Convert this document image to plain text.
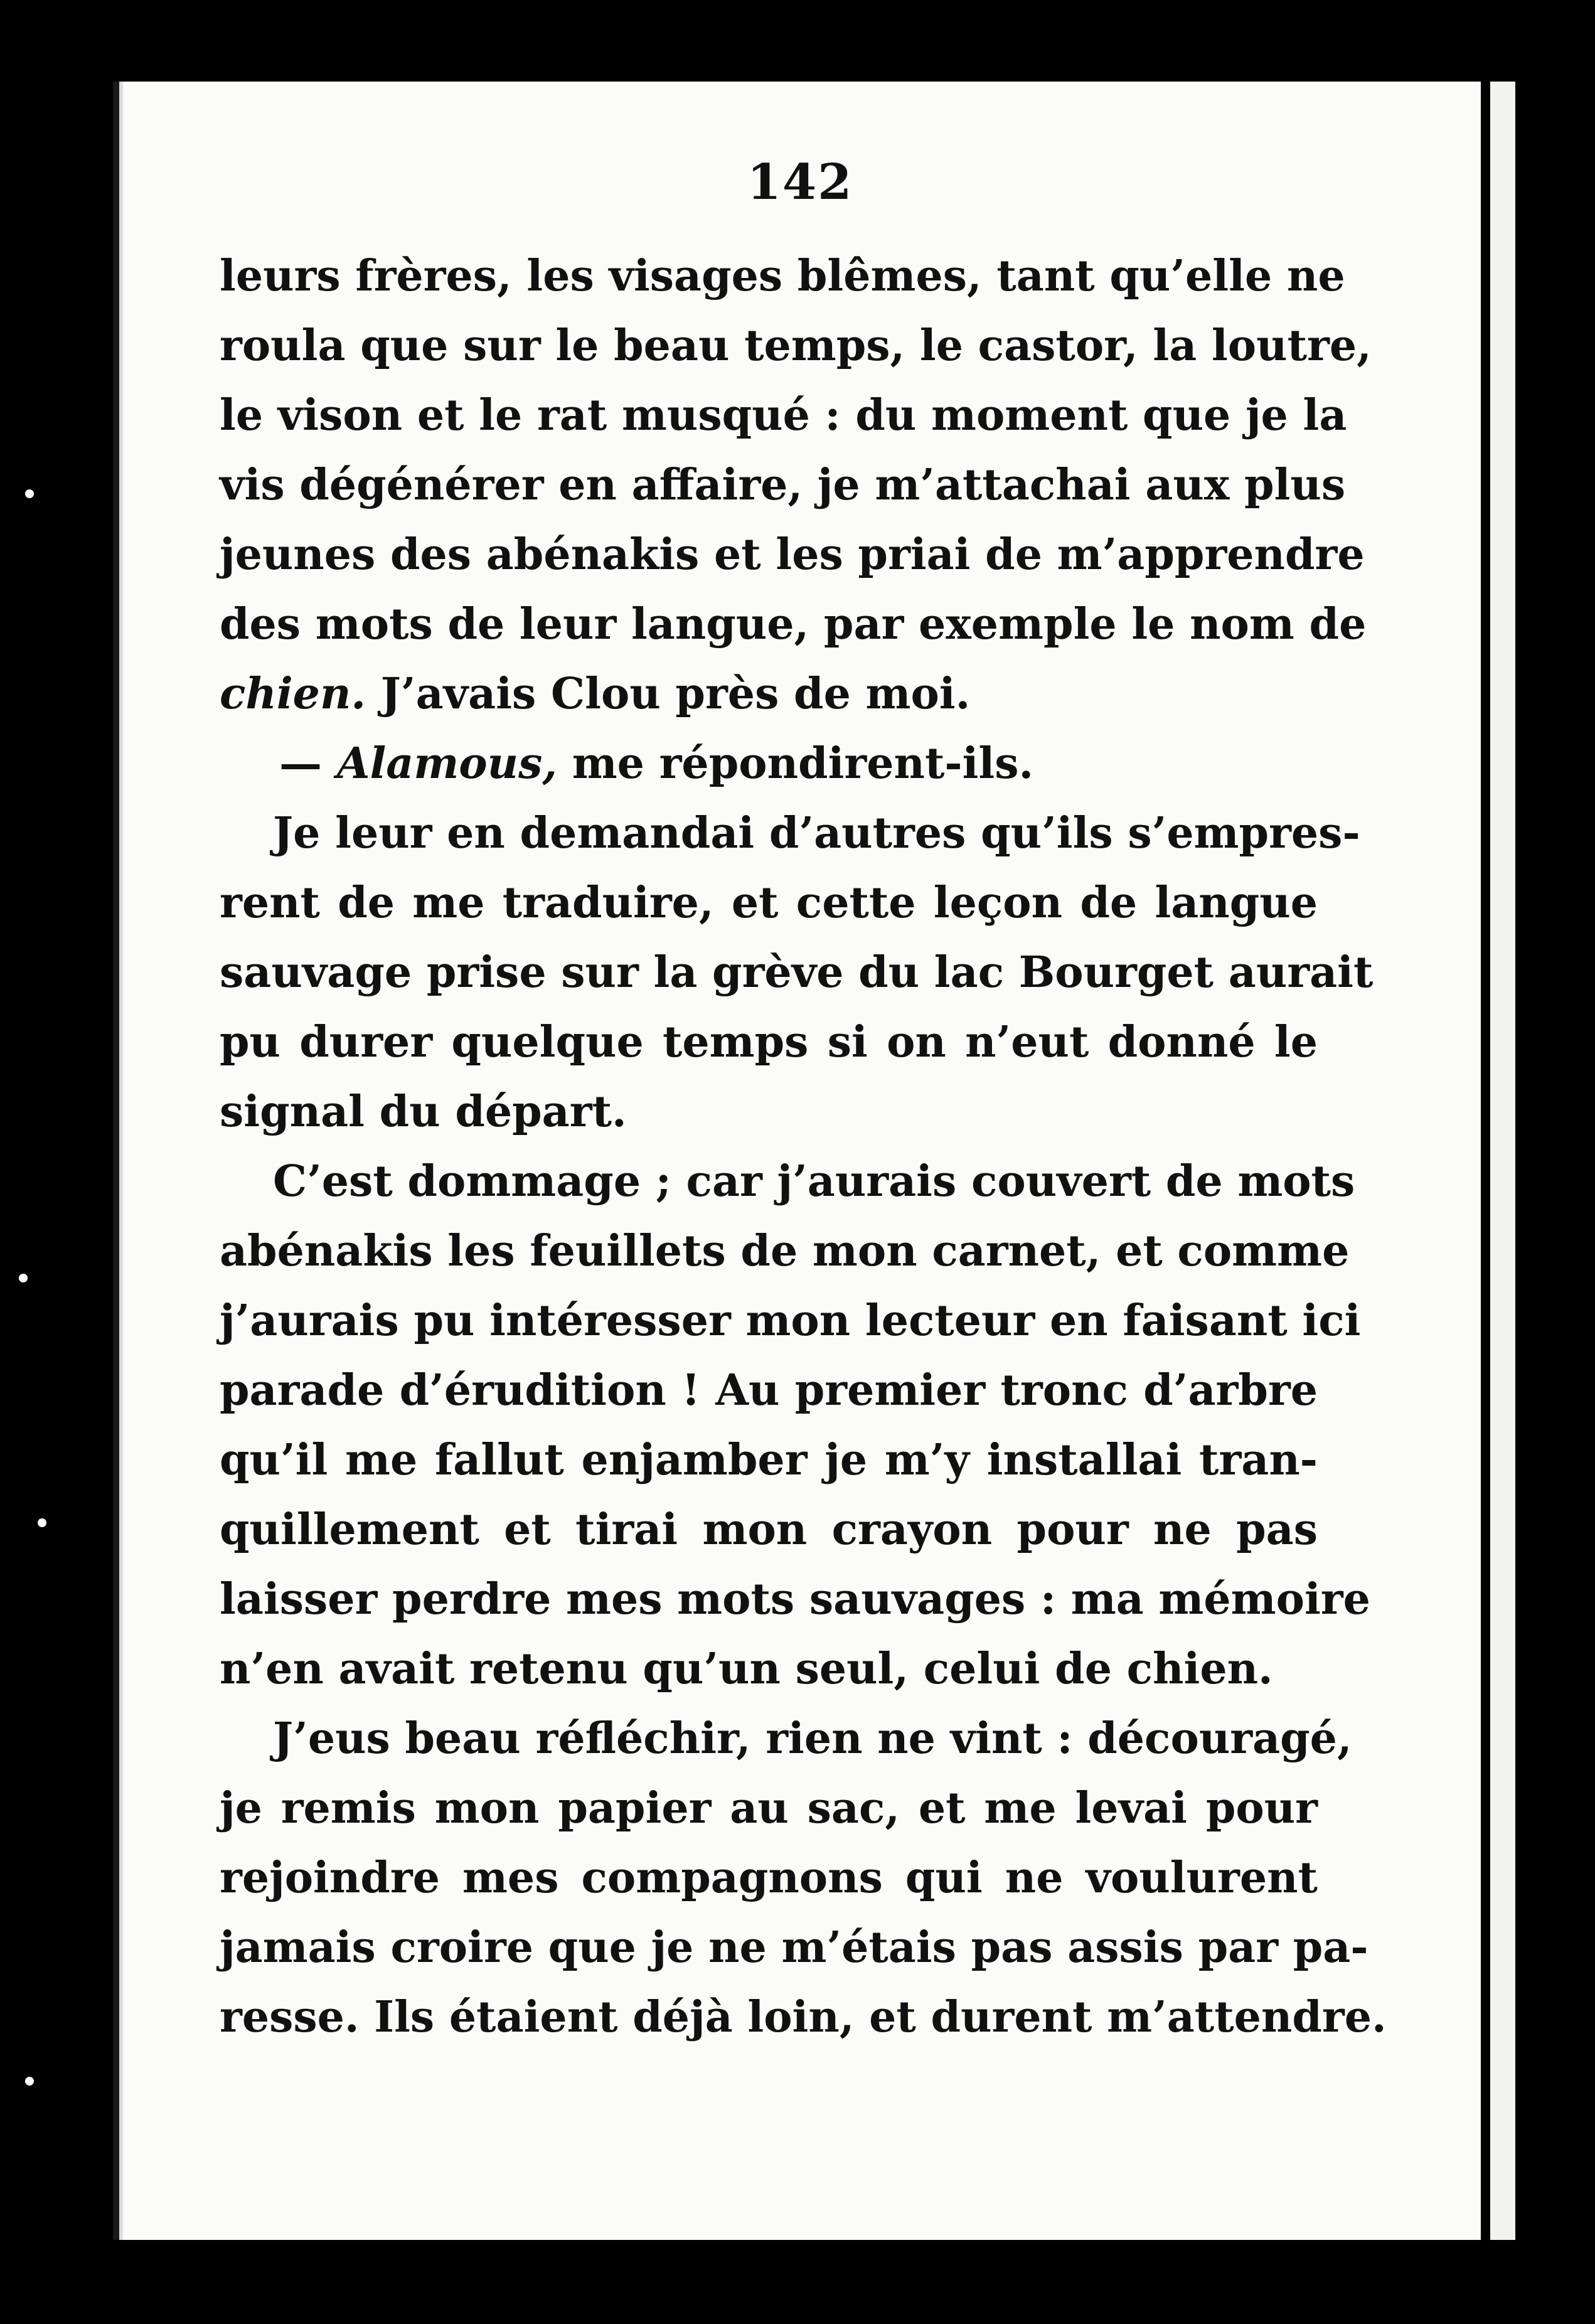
142
leurs frères, les visages blêmes, tant qu’elle ne
roula que sur le beau temps, le castor, la loutre,
le vison et le rat musqué : du moment que je la
vis dégénérer en affaire, je m’attachai aux plus
jeunes des abénakis et les priai de m’apprendre
des mots de leur langue, par exemple le nom de
chien. J’avais Clou près de moi.
— Alamous, me répondirent-ils.
Je leur en demandai d’autres qu’ils s’empres-
rent de me traduire, et cette leçon de langue
sauvage prise sur la grève du lac Bourget aurait
pu durer quelque temps si on n’eut donné le
signal du départ.
C’est dommage ; car j’aurais couvert de mots
abénakis les feuillets de mon carnet, et comme
j’aurais pu intéresser mon lecteur en faisant ici
parade d’érudition ! Au premier tronc d’arbre
qu’il me fallut enjamber je m’y installai tran-
quillement et tirai mon crayon pour ne pas
laisser perdre mes mots sauvages : ma mémoire
n’en avait retenu qu’un seul, celui de chien.
J’eus beau réfléchir, rien ne vint : découragé,
je remis mon papier au sac, et me levai pour
rejoindre mes compagnons qui ne voulurent
jamais croire que je ne m’étais pas assis par pa-
resse. Ils étaient déjà loin, et durent m’attendre.
